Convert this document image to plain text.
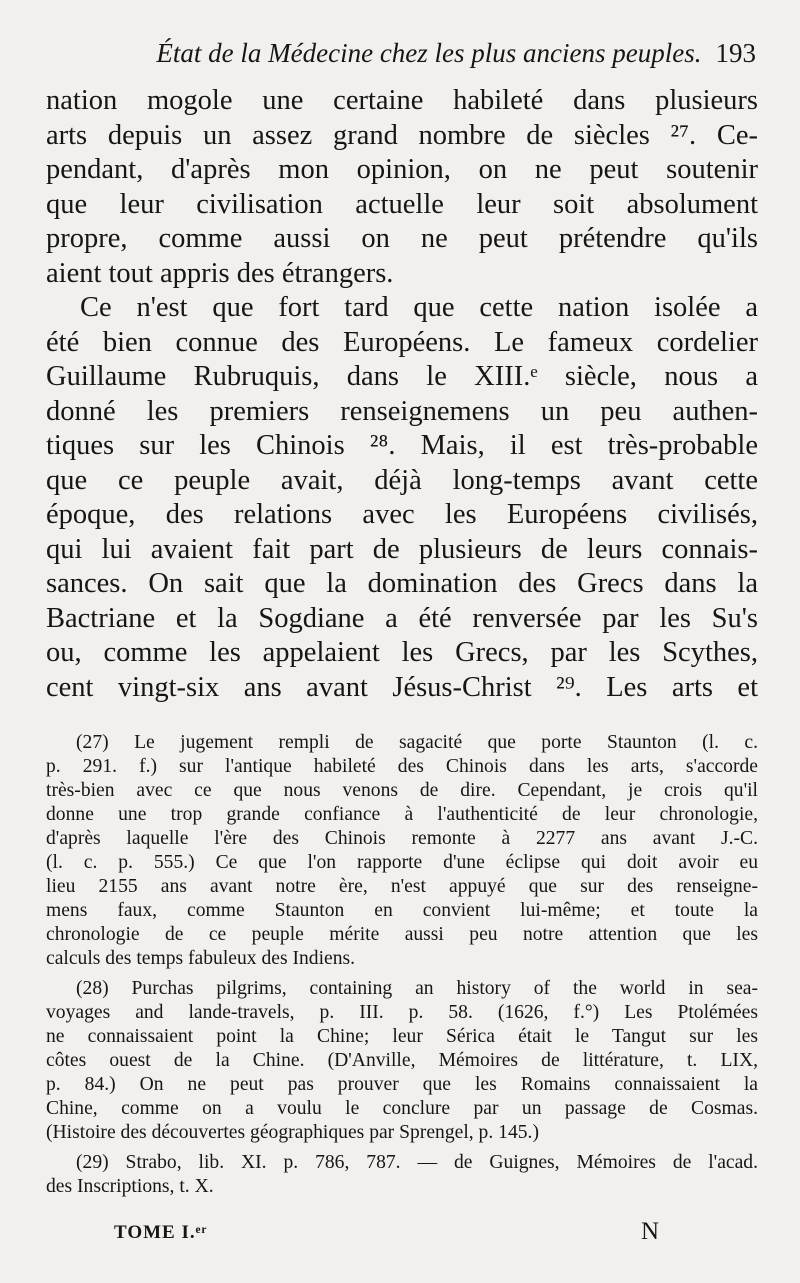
État de la Médecine chez les plus anciens peuples. 193
nation mogole une certaine habileté dans plusieurs
arts depuis un assez grand nombre de siècles ²⁷. Ce-
pendant, d'après mon opinion, on ne peut soutenir
que leur civilisation actuelle leur soit absolument
propre, comme aussi on ne peut prétendre qu'ils
aient tout appris des étrangers.
Ce n'est que fort tard que cette nation isolée a
été bien connue des Européens. Le fameux cordelier
Guillaume Rubruquis, dans le XIII.ᵉ siècle, nous a
donné les premiers renseignemens un peu authen-
tiques sur les Chinois ²⁸. Mais, il est très-probable
que ce peuple avait, déjà long-temps avant cette
époque, des relations avec les Européens civilisés,
qui lui avaient fait part de plusieurs de leurs connais-
sances. On sait que la domination des Grecs dans la
Bactriane et la Sogdiane a été renversée par les Su's
ou, comme les appelaient les Grecs, par les Scythes,
cent vingt-six ans avant Jésus-Christ ²⁹. Les arts et
(27) Le jugement rempli de sagacité que porte Staunton (l. c.
p. 291. f.) sur l'antique habileté des Chinois dans les arts, s'accorde
très-bien avec ce que nous venons de dire. Cependant, je crois qu'il
donne une trop grande confiance à l'authenticité de leur chronologie,
d'après laquelle l'ère des Chinois remonte à 2277 ans avant J.-C.
(l. c. p. 555.) Ce que l'on rapporte d'une éclipse qui doit avoir eu
lieu 2155 ans avant notre ère, n'est appuyé que sur des renseigne-
mens faux, comme Staunton en convient lui-même; et toute la
chronologie de ce peuple mérite aussi peu notre attention que les
calculs des temps fabuleux des Indiens.
(28) Purchas pilgrims, containing an history of the world in sea-
voyages and lande-travels, p. III. p. 58. (1626, f.°) Les Ptolémées
ne connaissaient point la Chine; leur Sérica était le Tangut sur les
côtes ouest de la Chine. (D'Anville, Mémoires de littérature, t. LIX,
p. 84.) On ne peut pas prouver que les Romains connaissaient la
Chine, comme on a voulu le conclure par un passage de Cosmas.
(Histoire des découvertes géographiques par Sprengel, p. 145.)
(29) Strabo, lib. XI. p. 786, 787. — de Guignes, Mémoires de l'acad.
des Inscriptions, t. X.
TOME I.ᵉʳ	N
